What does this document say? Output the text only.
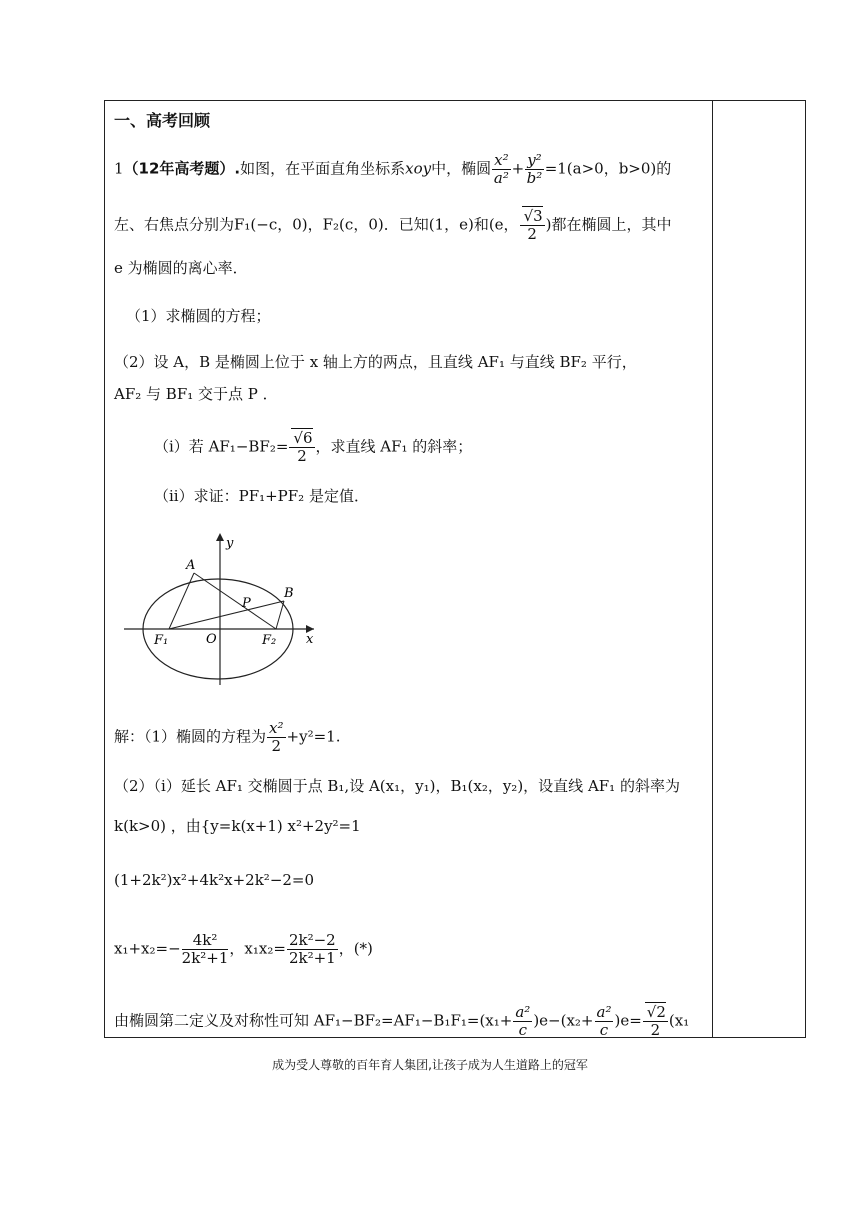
一、高考回顾
1（12年高考题）.如图，在平面直角坐标系xoy中，椭圆 $\frac{\text{x²}}{\text{a²}} + \frac{\text{y²}}{\text{b²}} =1(a>0$，b>0)的
左、右焦点分别为F₁(−c，0)，F₂(c，0)．已知(1，e)和(e， $\frac{√3}{2}$ )都在椭圆上，其中
e 为椭圆的离心率．
（1）求椭圆的方程；
（2）设 A，B 是椭圆上位于 x 轴上方的两点，且直线 AF₁ 与直线 BF₂ 平行，
AF₂ 与 BF₁ 交于点 P ．
（i）若 $AF_1-BF_2= \frac{√6}{2}$ ，求直线 AF₁ 的斜率；
（ii）求证：PF₁+PF₂ 是定值．
y
x
A
B
P
O
F₁	F₂
解：（1）椭圆的方程为 $\frac{\text{x²}}{2} +y^2=1$.
（2）（i）延长 AF₁ 交椭圆于点 B₁,设 A(x₁，y₁)，B₁(x₂，y₂)，设直线 AF₁ 的斜率为
k(k>0) ，由{y=k(x+1) x²+2y²=1
(1+2k²)x²+4k²x+2k²−2=0
$x_1+x_2=- \frac{\text{4k²}}{\text{2k²+1}}$ ，$x_1x_2= \frac{\text{2k²−2}}{\text{2k²+1}}$ ，(*)
由椭圆第二定义及对称性可知 $AF_1-BF_2=AF_1-B_1F_1=(x_1+ \frac{\text{a²}}{c} )e-(x_2+ \frac{\text{a²}}{c} )e= \frac{√2}{2} (x_1$
成为受人尊敬的百年育人集团,让孩子成为人生道路上的冠军
